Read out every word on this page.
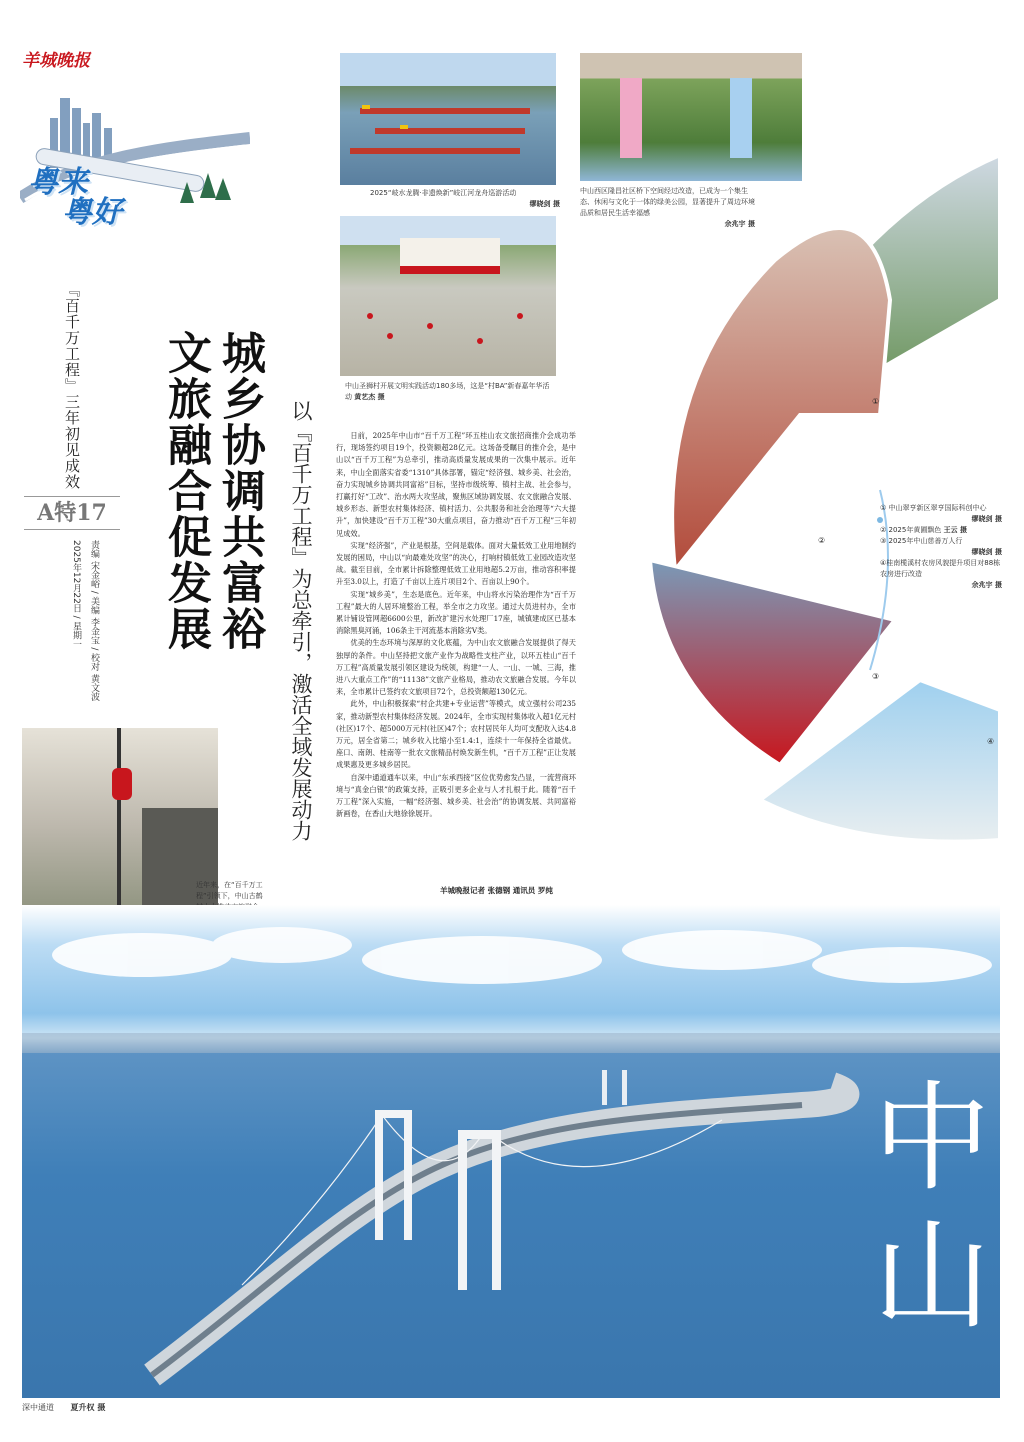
羊城晚报
粤来
粤好
『百千万工程』三年初见成效
A特17
责编 宋金峪 / 美编 李金宝 / 校对 黄文波
2025年12月22日 / 星期一	城乡协调共富裕
文旅融合促发展	以『百千万工程』为总牵引，激活全域发展动力
2025“岐水龙腾·非遗焕新”岐江河龙舟巡游活动
缪晓剑 摄
中山西区隆昌社区桥下空间经过改造，已成为一个集生态、休闲与文化于一体的绿美公园，显著提升了周边环境品质和居民生活幸福感
余兆宇 摄
中山圣狮村开展文明实践活动180多场，这是“村BA”新春嘉年华活动 黄艺杰 摄	①
②
③
④
① 中山翠亨新区翠亨国际科创中心
缪晓剑 摄
② 2025年黄圃飘色 王云 摄
③ 2025年中山慈善万人行
缪晓剑 摄
④桂南榄溪村农房风貌提升项目对88栋农房进行改造
余兆宇 摄
近年来，在“百千万工程”引领下，中山古鹤

日前，2025年中山市“百千万工程”环五桂山农文旅招商推介会成功举行，现场签约项目19个，投资额超28亿元。这场备受瞩目的推介会，是中山以“百千万工程”为总牵引，推动高质量发展成果的一次集中展示。近年来，中山全面落实省委“1310”具体部署，锚定“经济强、城乡美、社会治，奋力实现城乡协调共同富裕”目标，坚持市级统筹、镇村主战、社会参与，打赢打好“工改”、治水两大攻坚战，聚焦区域协调发展、农文旅融合发展、城乡形态、新型农村集体经济、镇村活力、公共服务和社会治理等“六大提升”，加快建设“百千万工程”30大重点项目，奋力推动“百千万工程”三年初见成效。

实现“经济强”，产业是根基，空间是载体。面对大量低效工业用地制约发展的困局，中山以“向最难处攻坚”的决心，打响村镇低效工业园改造攻坚战。截至目前，全市累计拆除整理低效工业用地超5.2万亩，推动容积率提升至3.0以上，打造了千亩以上连片项目2个、百亩以上90个。

实现“城乡美”，生态是底色。近年来，中山将水污染治理作为“百千万工程”最大的人居环境整治工程，举全市之力攻坚。通过大员进村办，全市累计铺设管网超6600公里，新改扩建污水处理厂17座，城镇建成区已基本消除黑臭河涌，106条主干河流基本消除劣V类。

优美的生态环境与深厚的文化底蕴，为中山农文旅融合发展提供了得天独厚的条件。中山坚持把文旅产业作为战略性支柱产业，以环五桂山“百千万工程”高质量发展引领区建设为统领，构建“一人、一山、一城、三海，推进八大重点工作”的“11138”文旅产业格局，推动农文旅融合发展。今年以来，全市累计已签约农文旅项目72个，总投资额超130亿元。

此外，中山积极探索“村企共建+专业运营”等模式，成立强村公司235家，推动新型农村集体经济发展。2024年，全市实现村集体收入超1亿元村(社区)17个、超5000万元村(社区)47个；农村居民年人均可支配收入达4.8万元，居全省第二；城乡收入比缩小至1.4:1，连续十一年保持全省最优。座口、南朗、桂南等一批农文旅精品村焕发新生机，“百千万工程”正让发展成果惠及更多城乡居民。

自深中通道通车以来，中山“东承西接”区位优势愈发凸显，一流营商环境与“真金白银”的政策支持，正吸引更多企业与人才扎根于此。随着“百千万工程”深入实施，一幅“经济强、城乡美、社会治”的协调发展、共同富裕新画卷，在香山大地徐徐展开。

羊城晚报记者 张德钢 通讯员 罗纯
中山
深中通道 夏升权 摄
